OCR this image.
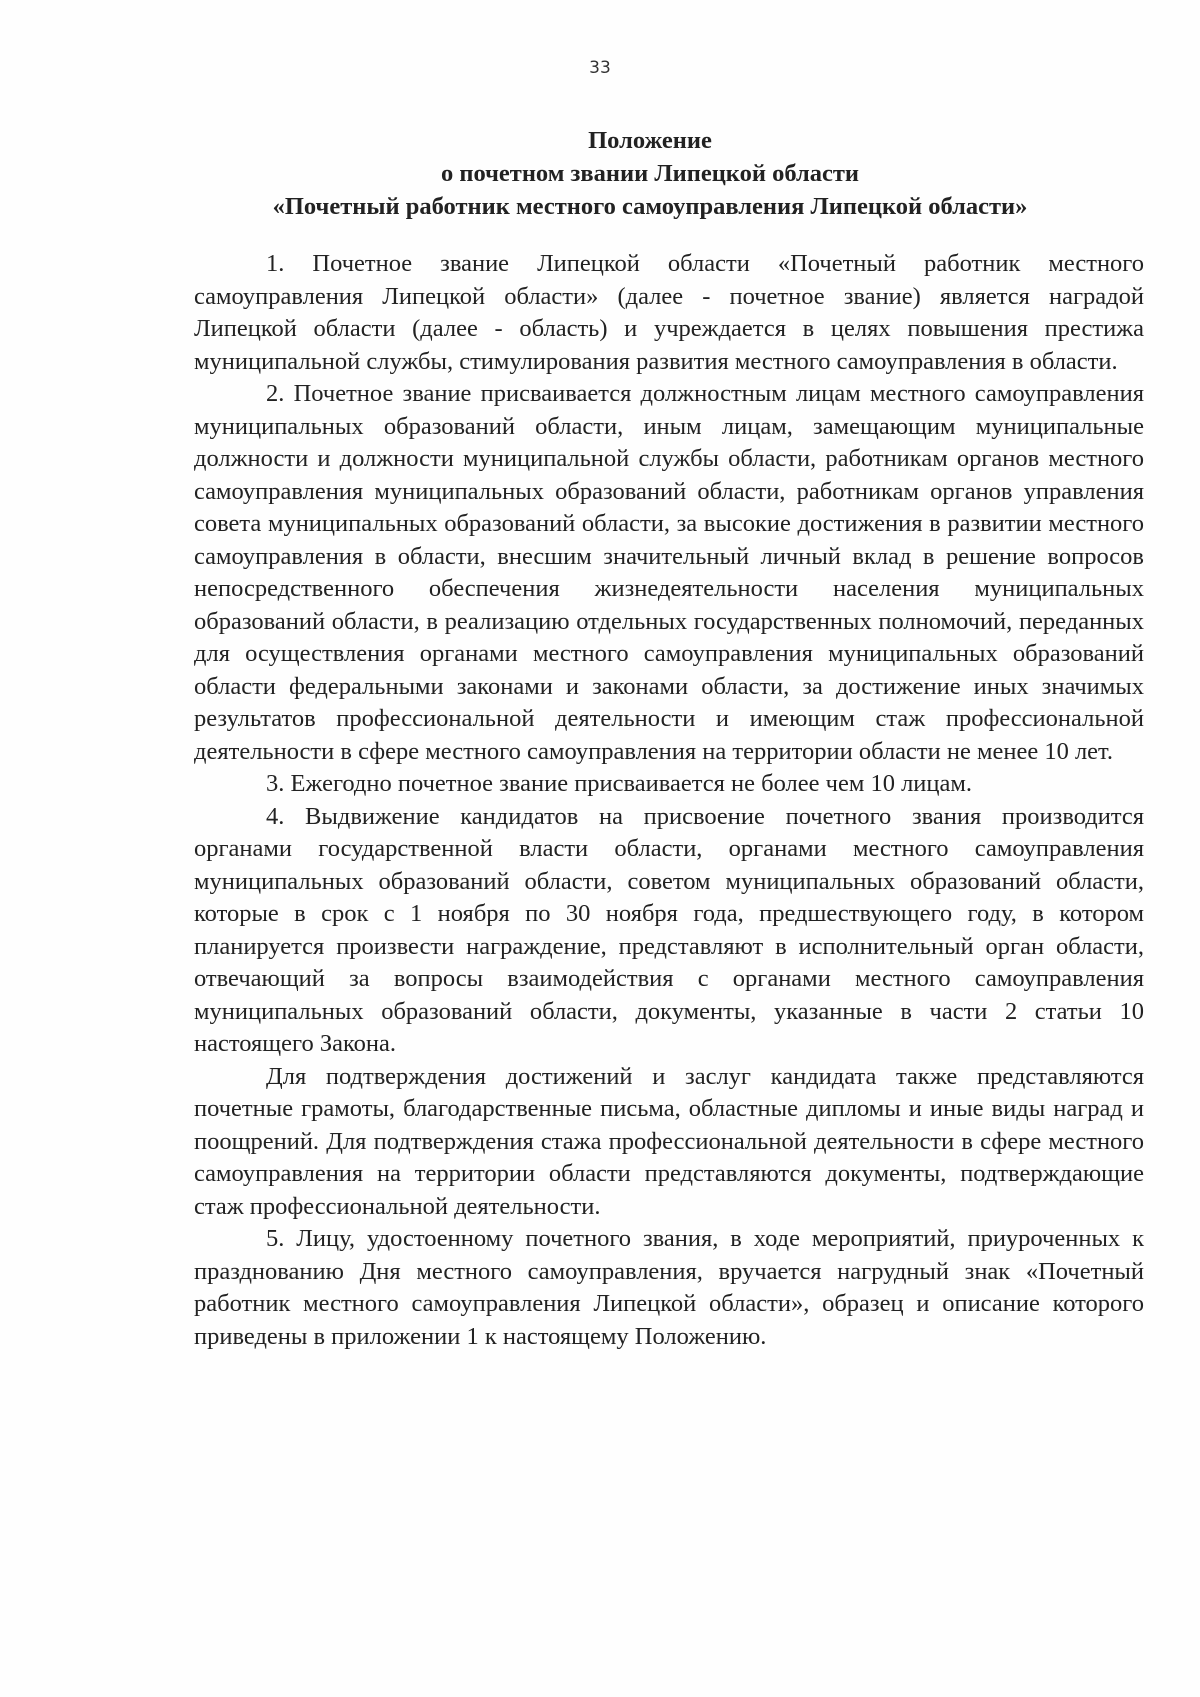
33
Положение
о почетном звании Липецкой области
«Почетный работник местного самоуправления Липецкой области»

1. Почетное звание Липецкой области «Почетный работник местного самоуправления Липецкой области» (далее - почетное звание) является наградой Липецкой области (далее - область) и учреждается в целях повышения престижа муниципальной службы, стимулирования развития местного самоуправления в области.

2. Почетное звание присваивается должностным лицам местного самоуправления муниципальных образований области, иным лицам, замещающим муниципальные должности и должности муниципальной службы области, работникам органов местного самоуправления муниципальных образований области, работникам органов управления совета муниципальных образований области, за высокие достижения в развитии местного самоуправления в области, внесшим значительный личный вклад в решение вопросов непосредственного обеспечения жизнедеятельности населения муниципальных образований области, в реализацию отдельных государственных полномочий, переданных для осуществления органами местного самоуправления муниципальных образований области федеральными законами и законами области, за достижение иных значимых результатов профессиональной деятельности и имеющим стаж профессиональной деятельности в сфере местного самоуправления на территории области не менее 10 лет.

3. Ежегодно почетное звание присваивается не более чем 10 лицам.

4. Выдвижение кандидатов на присвоение почетного звания производится органами государственной власти области, органами местного самоуправления муниципальных образований области, советом муниципальных образований области, которые в срок с 1 ноября по 30 ноября года, предшествующего году, в котором планируется произвести награждение, представляют в исполнительный орган области, отвечающий за вопросы взаимодействия с органами местного самоуправления муниципальных образований области, документы, указанные в части 2 статьи 10 настоящего Закона.

Для подтверждения достижений и заслуг кандидата также представляются почетные грамоты, благодарственные письма, областные дипломы и иные виды наград и поощрений. Для подтверждения стажа профессиональной деятельности в сфере местного самоуправления на территории области представляются документы, подтверждающие стаж профессиональной деятельности.

5. Лицу, удостоенному почетного звания, в ходе мероприятий, приуроченных к празднованию Дня местного самоуправления, вручается нагрудный знак «Почетный работник местного самоуправления Липецкой области», образец и описание которого приведены в приложении 1 к настоящему Положению.
